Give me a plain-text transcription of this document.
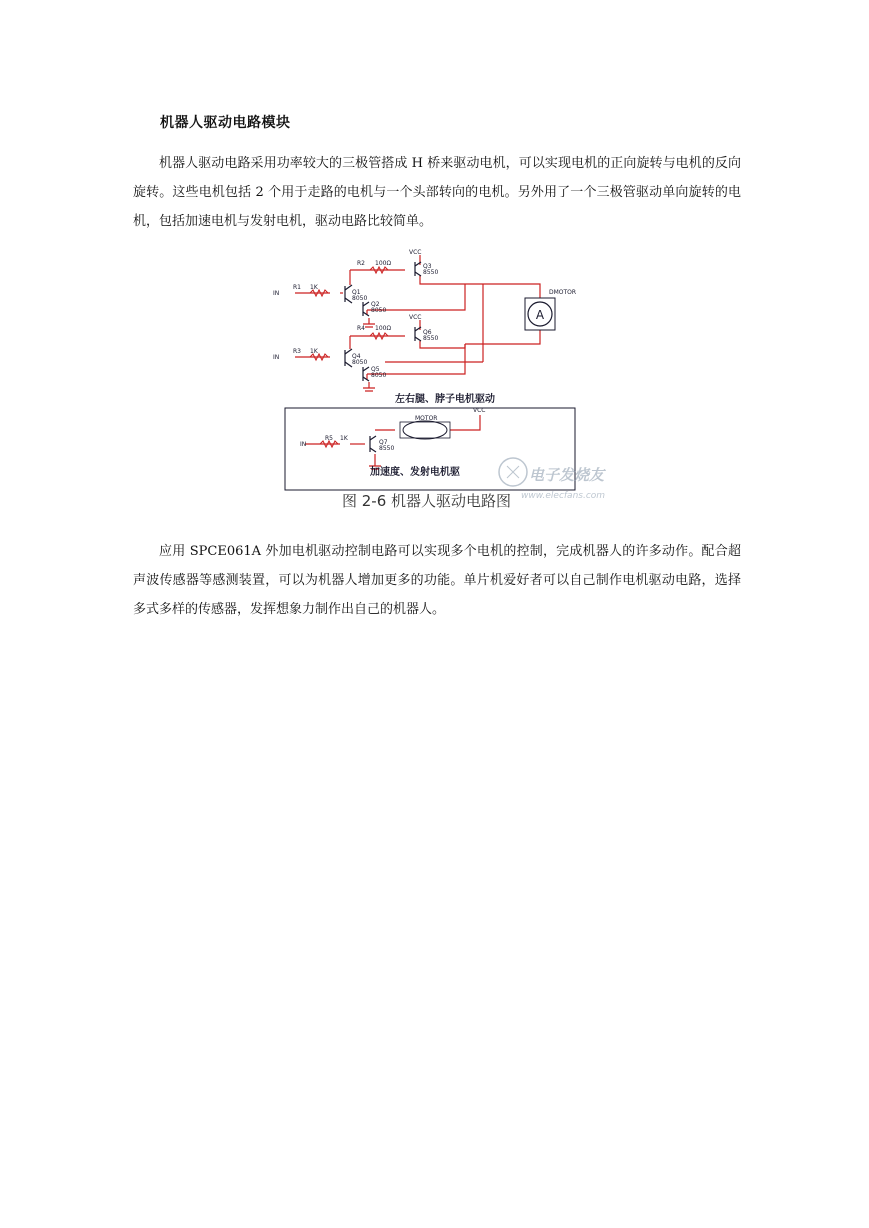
机器人驱动电路模块

机器人驱动电路采用功率较大的三极管搭成 H 桥来驱动电机，可以实现电机的正向旋转与电机的反向旋转。这些电机包括 2 个用于走路的电机与一个头部转向的电机。另外用了一个三极管驱动单向旋转的电机，包括加速电机与发射电机，驱动电路比较简单。

A
IN
R1 1K
R2 100Ω
VCC
Q3
8550
Q1
8050
Q2
8050
DMOTOR
VCC
R4 100Ω
Q6
8550
IN
R3 1K
Q4
8050
Q5
8050
MOTOR
VCC
IN
R5 1K
Q7
8550
左右腿、脖子电机驱动
加速度、发射电机驱
图 2-6 机器人驱动电路图
电子发烧友
www.elecfans.com

应用 SPCE061A 外加电机驱动控制电路可以实现多个电机的控制，完成机器人的许多动作。配合超声波传感器等感测装置，可以为机器人增加更多的功能。单片机爱好者可以自己制作电机驱动电路，选择多式多样的传感器，发挥想象力制作出自己的机器人。
